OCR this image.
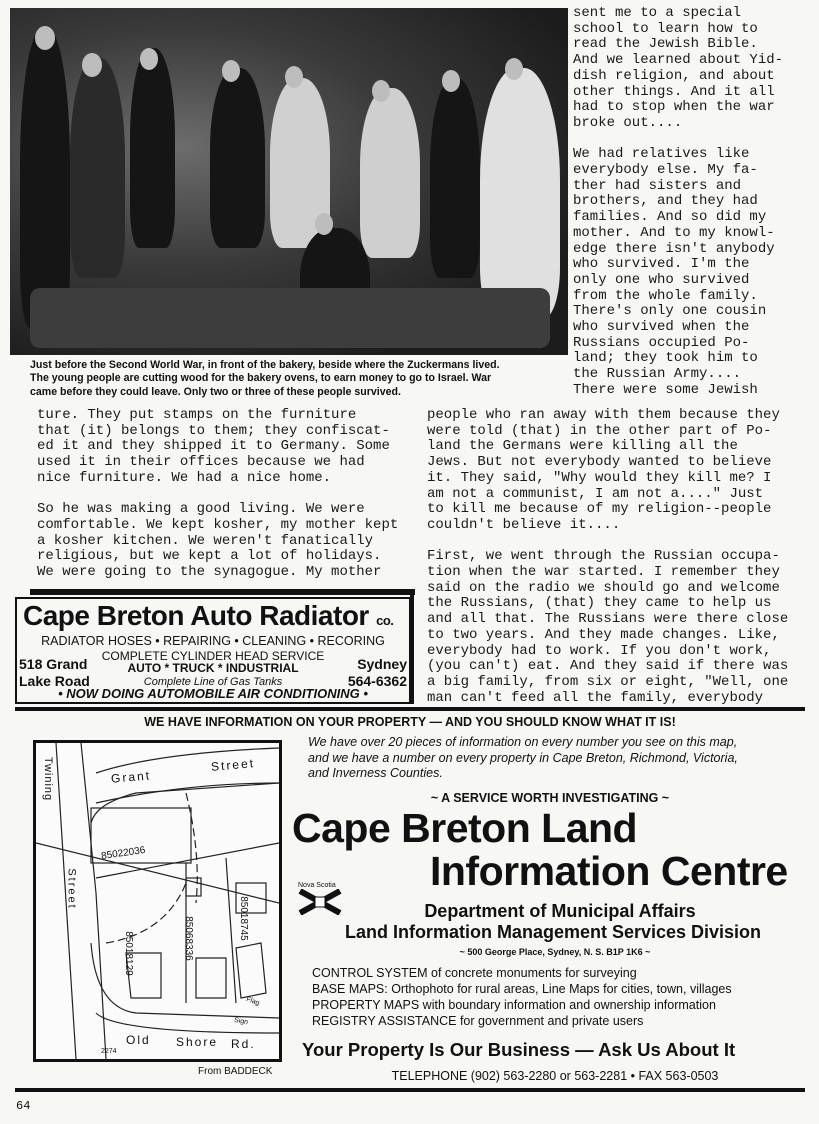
Just before the Second World War, in front of the bakery, beside where the Zuckermans lived.
The young people are cutting wood for the bakery ovens, to earn money to go to Israel. War
came before they could leave. Only two or three of these people survived.
sent me to a special
school to learn how to
read the Jewish Bible.
And we learned about Yid-
dish religion, and about
other things. And it all
had to stop when the war
broke out....

We had relatives like
everybody else. My fa-
ther had sisters and
brothers, and they had
families. And so did my
mother. And to my knowl-
edge there isn't anybody
who survived. I'm the
only one who survived
from the whole family.
There's only one cousin
who survived when the
Russians occupied Po-
land; they took him to
the Russian Army....
There were some Jewish
ture. They put stamps on the furniture
that (it) belongs to them; they confiscat-
ed it and they shipped it to Germany. Some
used it in their offices because we had
nice furniture. We had a nice home.

So he was making a good living. We were
comfortable. We kept kosher, my mother kept
a kosher kitchen. We weren't fanatically
religious, but we kept a lot of holidays.
We were going to the synagogue. My mother
people who ran away with them because they
were told (that) in the other part of Po-
land the Germans were killing all the
Jews. But not everybody wanted to believe
it. They said, "Why would they kill me? I
am not a communist, I am not a...." Just
to kill me because of my religion--people
couldn't believe it....

First, we went through the Russian occupa-
tion when the war started. I remember they
said on the radio we should go and welcome
the Russians, (that) they came to help us
and all that. The Russians were there close
to two years. And they made changes. Like,
everybody had to work. If you don't work,
(you can't) eat. And they said if there was
a big family, from six or eight, "Well, one
man can't feed all the family, everybody
Cape Breton Auto Radiator co.
RADIATOR HOSES • REPAIRING • CLEANING • RECORING
COMPLETE CYLINDER HEAD SERVICE
AUTO * TRUCK * INDUSTRIAL
Complete Line of Gas Tanks
518 Grand
Lake Road
Sydney
564-6362
• NOW DOING AUTOMOBILE AIR CONDITIONING •
WE HAVE INFORMATION ON YOUR PROPERTY — AND YOU SHOULD KNOW WHAT IT IS!
Grant
Street
Twining
Street
Old Shore Rd.
85022036
85018129	85068336	85018745
Flag
Sign
2274
From BADDECK
We have over 20 pieces of information on every number you see on this map,
and we have a number on every property in Cape Breton, Richmond, Victoria,
and Inverness Counties.
~ A SERVICE WORTH INVESTIGATING ~
Cape Breton Land
Information Centre
Nova Scotia
Department of Municipal Affairs
Land Information Management Services Division
~ 500 George Place, Sydney, N. S. B1P 1K6 ~
CONTROL SYSTEM of concrete monuments for surveying
BASE MAPS: Orthophoto for rural areas, Line Maps for cities, town, villages
PROPERTY MAPS with boundary information and ownership information
REGISTRY ASSISTANCE for government and private users
Your Property Is Our Business — Ask Us About It
TELEPHONE (902) 563-2280 or 563-2281 • FAX 563-0503
64
